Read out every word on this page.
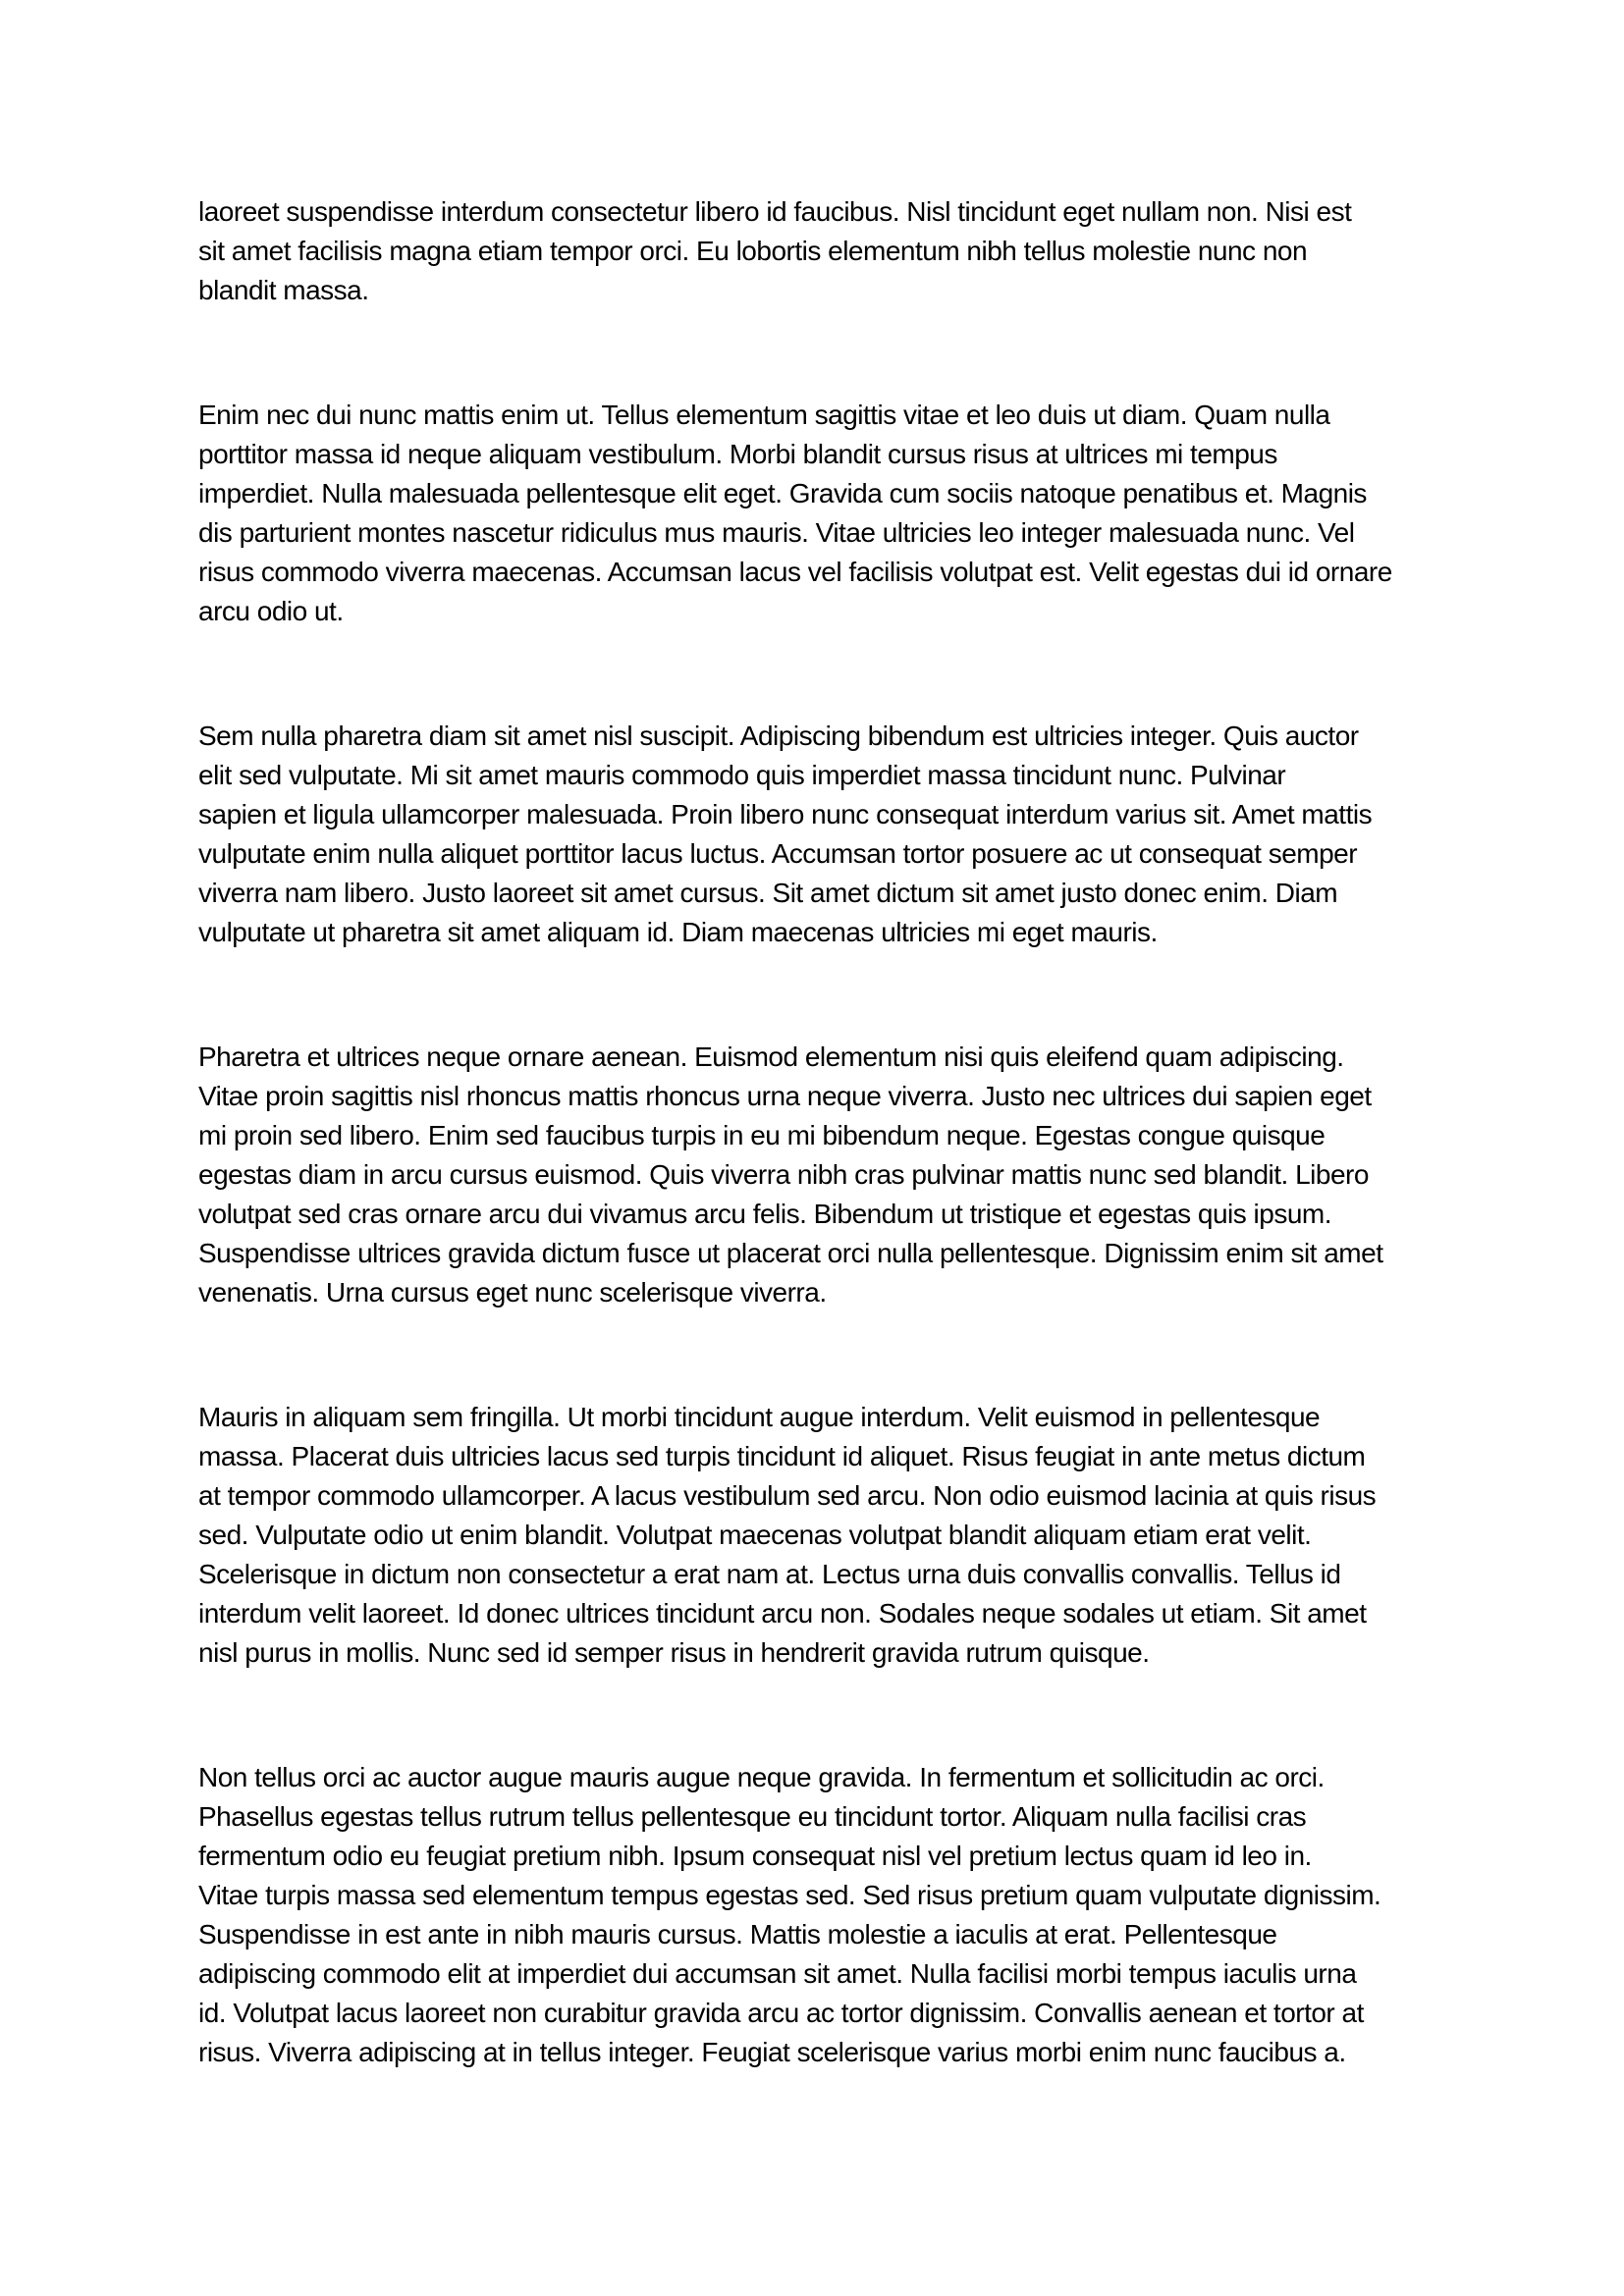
laoreet suspendisse interdum consectetur libero id faucibus. Nisl tincidunt eget nullam non. Nisi est
sit amet facilisis magna etiam tempor orci. Eu lobortis elementum nibh tellus molestie nunc non
blandit massa.

Enim nec dui nunc mattis enim ut. Tellus elementum sagittis vitae et leo duis ut diam. Quam nulla
porttitor massa id neque aliquam vestibulum. Morbi blandit cursus risus at ultrices mi tempus
imperdiet. Nulla malesuada pellentesque elit eget. Gravida cum sociis natoque penatibus et. Magnis
dis parturient montes nascetur ridiculus mus mauris. Vitae ultricies leo integer malesuada nunc. Vel
risus commodo viverra maecenas. Accumsan lacus vel facilisis volutpat est. Velit egestas dui id ornare
arcu odio ut.

Sem nulla pharetra diam sit amet nisl suscipit. Adipiscing bibendum est ultricies integer. Quis auctor
elit sed vulputate. Mi sit amet mauris commodo quis imperdiet massa tincidunt nunc. Pulvinar
sapien et ligula ullamcorper malesuada. Proin libero nunc consequat interdum varius sit. Amet mattis
vulputate enim nulla aliquet porttitor lacus luctus. Accumsan tortor posuere ac ut consequat semper
viverra nam libero. Justo laoreet sit amet cursus. Sit amet dictum sit amet justo donec enim. Diam
vulputate ut pharetra sit amet aliquam id. Diam maecenas ultricies mi eget mauris.

Pharetra et ultrices neque ornare aenean. Euismod elementum nisi quis eleifend quam adipiscing.
Vitae proin sagittis nisl rhoncus mattis rhoncus urna neque viverra. Justo nec ultrices dui sapien eget
mi proin sed libero. Enim sed faucibus turpis in eu mi bibendum neque. Egestas congue quisque
egestas diam in arcu cursus euismod. Quis viverra nibh cras pulvinar mattis nunc sed blandit. Libero
volutpat sed cras ornare arcu dui vivamus arcu felis. Bibendum ut tristique et egestas quis ipsum.
Suspendisse ultrices gravida dictum fusce ut placerat orci nulla pellentesque. Dignissim enim sit amet
venenatis. Urna cursus eget nunc scelerisque viverra.

Mauris in aliquam sem fringilla. Ut morbi tincidunt augue interdum. Velit euismod in pellentesque
massa. Placerat duis ultricies lacus sed turpis tincidunt id aliquet. Risus feugiat in ante metus dictum
at tempor commodo ullamcorper. A lacus vestibulum sed arcu. Non odio euismod lacinia at quis risus
sed. Vulputate odio ut enim blandit. Volutpat maecenas volutpat blandit aliquam etiam erat velit.
Scelerisque in dictum non consectetur a erat nam at. Lectus urna duis convallis convallis. Tellus id
interdum velit laoreet. Id donec ultrices tincidunt arcu non. Sodales neque sodales ut etiam. Sit amet
nisl purus in mollis. Nunc sed id semper risus in hendrerit gravida rutrum quisque.

Non tellus orci ac auctor augue mauris augue neque gravida. In fermentum et sollicitudin ac orci.
Phasellus egestas tellus rutrum tellus pellentesque eu tincidunt tortor. Aliquam nulla facilisi cras
fermentum odio eu feugiat pretium nibh. Ipsum consequat nisl vel pretium lectus quam id leo in.
Vitae turpis massa sed elementum tempus egestas sed. Sed risus pretium quam vulputate dignissim.
Suspendisse in est ante in nibh mauris cursus. Mattis molestie a iaculis at erat. Pellentesque
adipiscing commodo elit at imperdiet dui accumsan sit amet. Nulla facilisi morbi tempus iaculis urna
id. Volutpat lacus laoreet non curabitur gravida arcu ac tortor dignissim. Convallis aenean et tortor at
risus. Viverra adipiscing at in tellus integer. Feugiat scelerisque varius morbi enim nunc faucibus a.
